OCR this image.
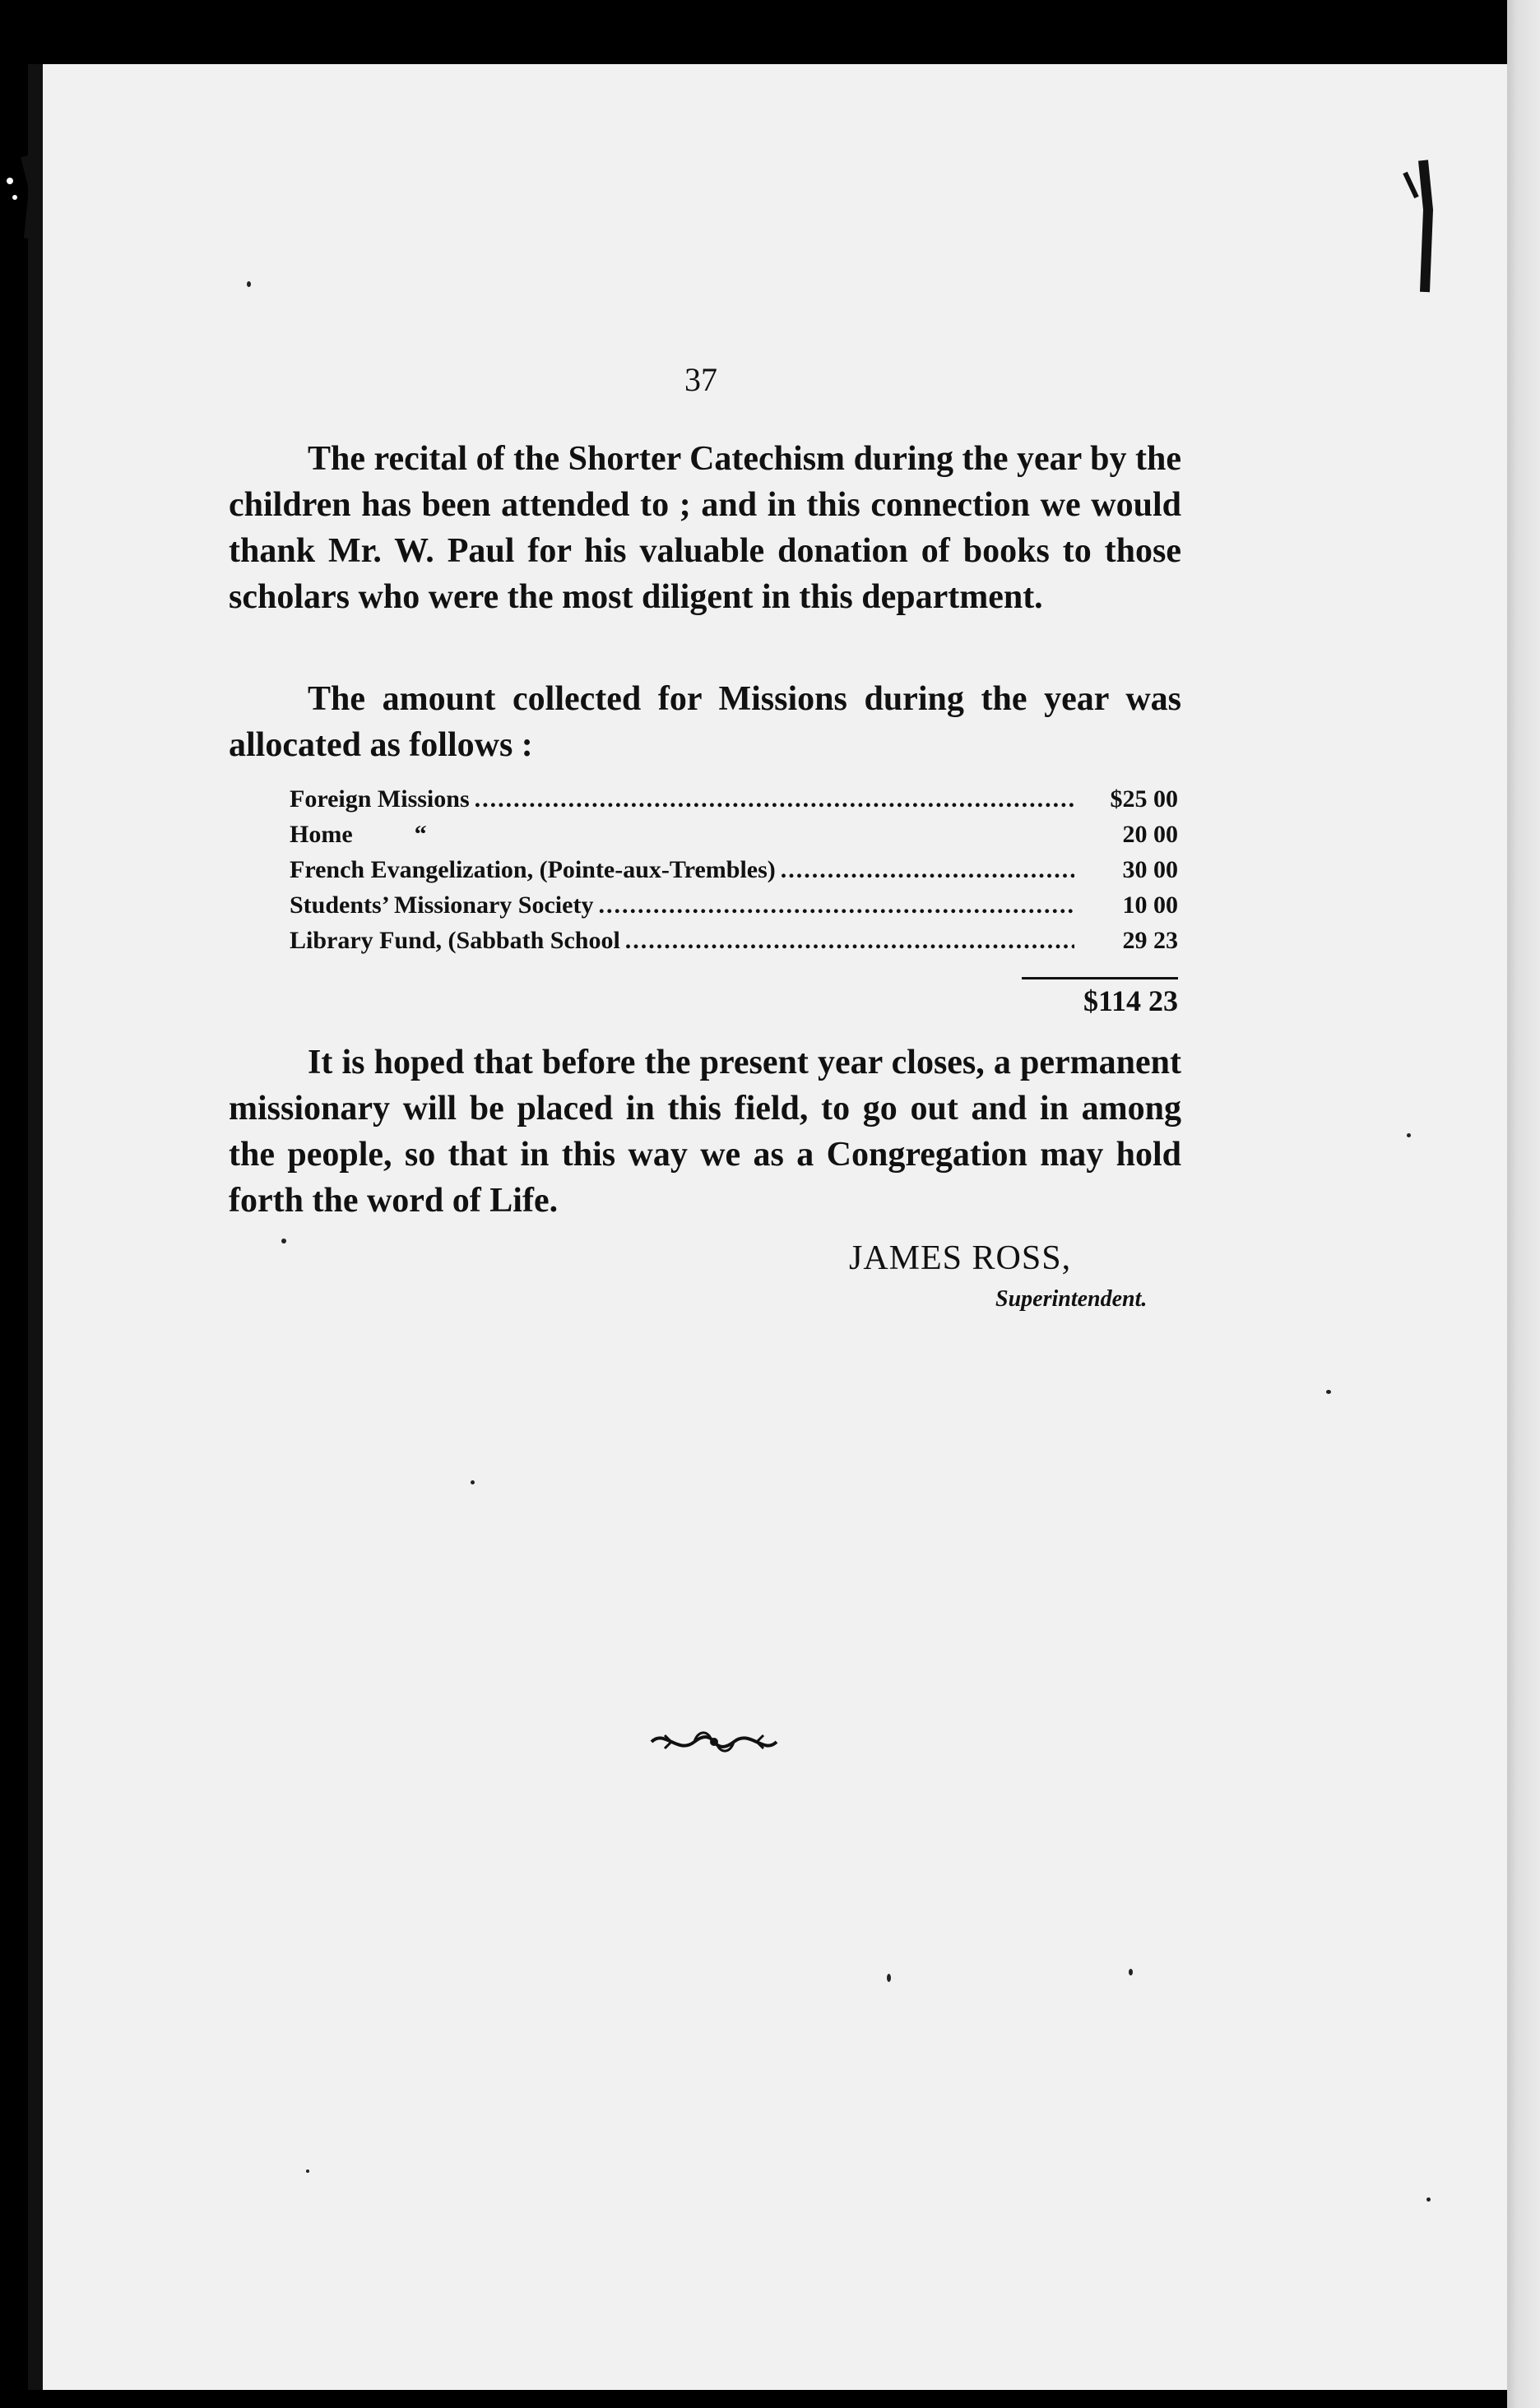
37

The recital of the Shorter Catechism during the year by the children has been attended to ; and in this connection we would thank Mr. W. Paul for his valuable donation of books to those scholars who were the most diligent in this department.

The amount collected for Missions during the year was allocated as follows :

Foreign Missions .....	$25 00
Home          “	20 00
French Evangelization, (Pointe-aux-Trembles) .....	30 00
Students’ Missionary Society .....	10 00
Library Fund, (Sabbath School .....	29 23
$114 23

It is hoped that before the present year closes, a permanent missionary will be placed in this field, to go out and in among the people, so that in this way we as a Congregation may hold forth the word of Life.

JAMES ROSS,
Superintendent.
